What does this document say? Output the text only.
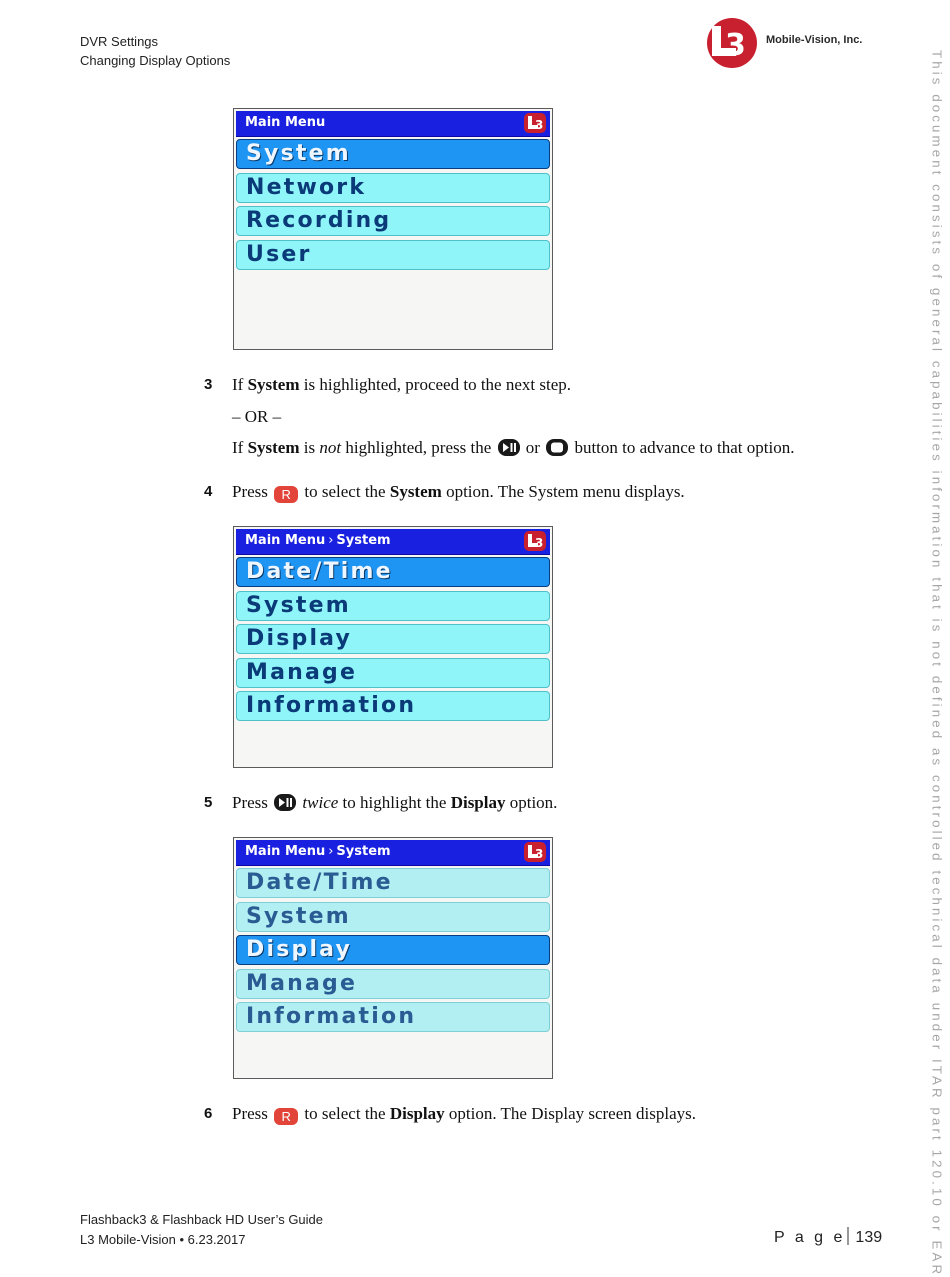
DVR Settings
Changing Display Options	3 Mobile-Vision, Inc.
This document consists of general capabilities information that is not defined as controlled technical data under ITAR part 120.10 or EAR
Main Menu	3
System
Network
Recording
User
3 If System is highlighted, proceed to the next step.
– OR –
If System is not highlighted, press the  or  button to advance to that option.
4 Press R to select the System option. The System menu displays.
Main Menu › System	3
Date/Time
System
Display
Manage
Information
5 Press  twice to highlight the Display option.
Main Menu › System	3
Date/Time
System
Display
Manage
Information
6 Press R to select the Display option. The Display screen displays.
Flashback3 & Flashback HD User’s Guide
L3 Mobile-Vision • 6.23.2017	P a g e 139
